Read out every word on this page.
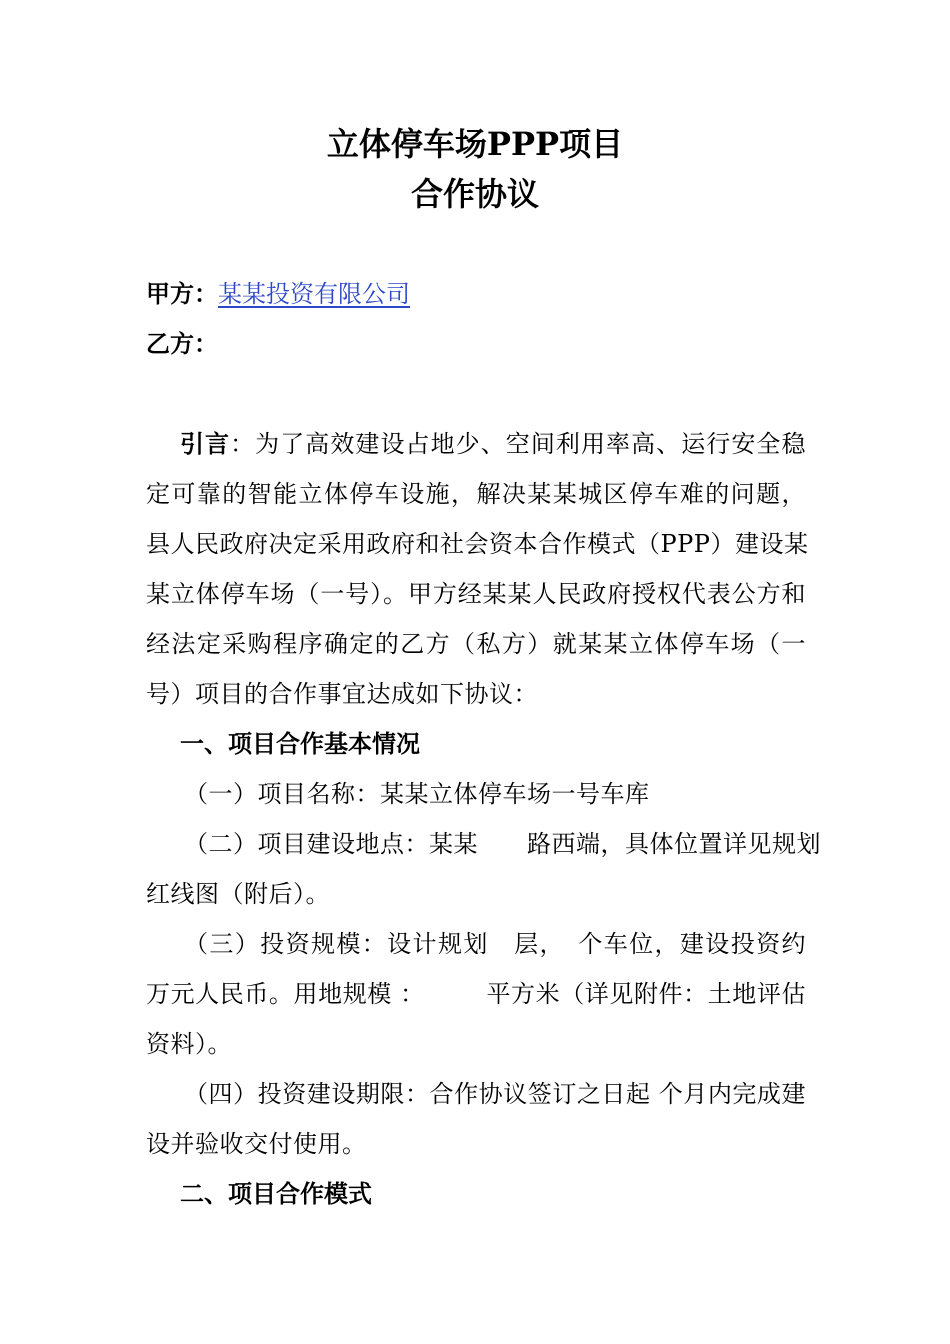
立体停车场PPP项目
合作协议
甲方：某某投资有限公司
乙方：
引言：为了高效建设占地少、空间利用率高、运行安全稳
定可靠的智能立体停车设施，解决某某城区停车难的问题，
县人民政府决定采用政府和社会资本合作模式（PPP）建设某
某立体停车场（一号）。甲方经某某人民政府授权代表公方和
经法定采购程序确定的乙方（私方）就某某立体停车场（一
号）项目的合作事宜达成如下协议：
一、项目合作基本情况
（一）项目名称：某某立体停车场一号车库
（二）项目建设地点：某某　　路西端，具体位置详见规划
红线图（附后）。
（三）投资规模：设计规划　层，　个车位，建设投资约
万元人民币。用地规模 ：　　　平方米（详见附件：土地评估
资料）。
（四）投资建设期限：合作协议签订之日起 个月内完成建
设并验收交付使用。
二、项目合作模式
